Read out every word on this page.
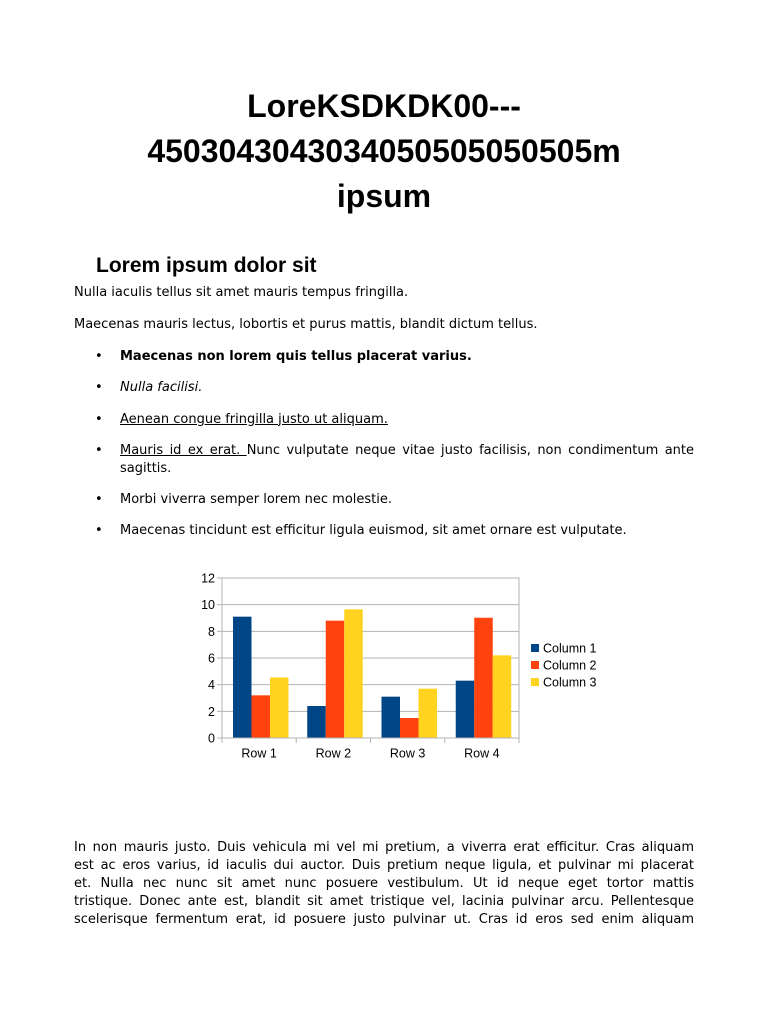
LoreKSDKDK00---
4503043043034050505050505m
ipsum
Lorem ipsum dolor sit

Nulla iaculis tellus sit amet mauris tempus fringilla.

Maecenas mauris lectus, lobortis et purus mattis, blandit dictum tellus.

• Maecenas non lorem quis tellus placerat varius.
• Nulla facilisi.
• Aenean congue fringilla justo ut aliquam.
• Mauris id ex erat. Nunc vulputate neque vitae justo facilisis, non condimentum ante sagittis.
• Morbi viverra semper lorem nec molestie.
• Maecenas tincidunt est efficitur ligula euismod, sit amet ornare est vulputate.
0
2
4
6
8
10
12
Row 1	Row 2	Row 3	Row 4
Column 1
Column 2
Column 3
In non mauris justo. Duis vehicula mi vel mi pretium, a viverra erat efficitur. Cras aliquam
est ac eros varius, id iaculis dui auctor. Duis pretium neque ligula, et pulvinar mi placerat
et. Nulla nec nunc sit amet nunc posuere vestibulum. Ut id neque eget tortor mattis
tristique. Donec ante est, blandit sit amet tristique vel, lacinia pulvinar arcu. Pellentesque
scelerisque fermentum erat, id posuere justo pulvinar ut. Cras id eros sed enim aliquam
